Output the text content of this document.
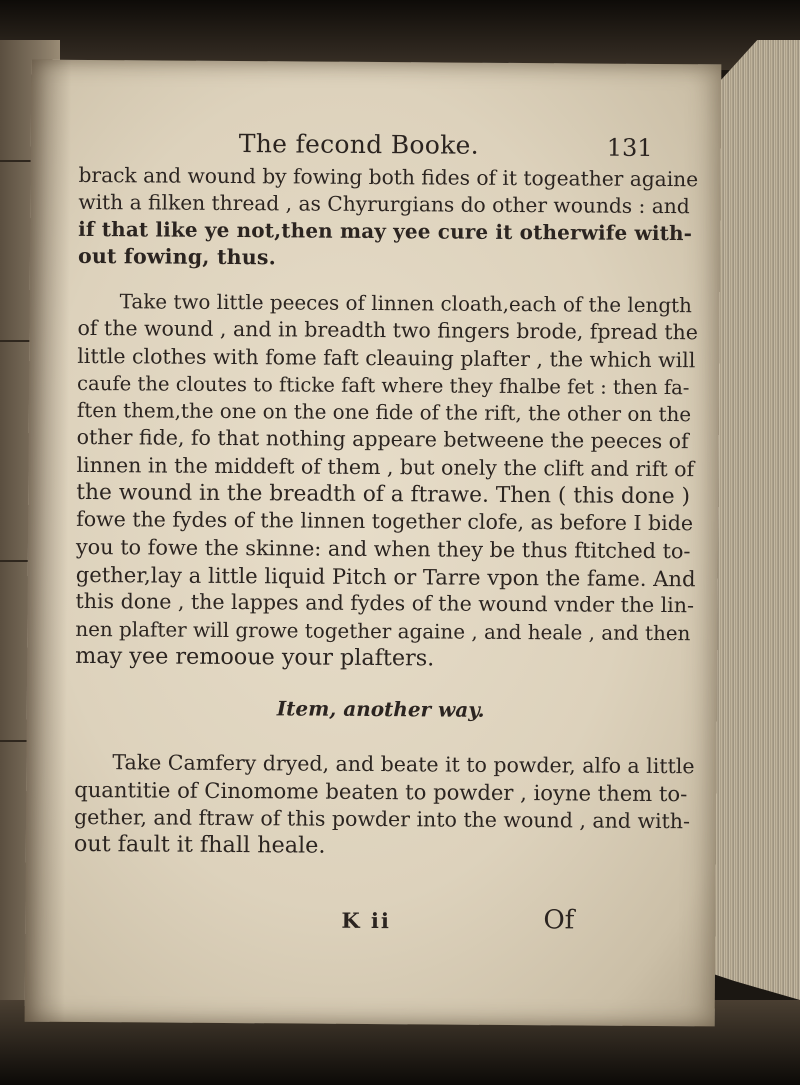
The fecond Booke.	131
brack and wound by fowing both fides of it togeather againe
with a filken thread , as Chyrurgians do other wounds : and
if that like ye not,then may yee cure it otherwife with-
out fowing, thus.
Take two little peeces of linnen cloath,each of the length
of the wound , and in breadth two fingers brode, fpread the
little clothes with fome faft cleauing plafter , the which will
caufe the cloutes to fticke faft where they fhalbe fet : then fa-
ften them,the one on the one fide of the rift, the other on the
other fide, fo that nothing appeare betweene the peeces of
linnen in the middeft of them , but onely the clift and rift of
the wound in the breadth of a ftrawe. Then ( this done )
fowe the fydes of the linnen together clofe, as before I bide
you to fowe the skinne: and when they be thus ftitched to-
gether,lay a little liquid Pitch or Tarre vpon the fame. And
this done , the lappes and fydes of the wound vnder the lin-
nen plafter will growe together againe , and heale , and then
may yee remooue your plafters.
Item, another way.
Take Camfery dryed, and beate it to powder, alfo a little
quantitie of Cinomome beaten to powder , ioyne them to-
gether, and ftraw of this powder into the wound , and with-
out fault it fhall heale.
K ii	Of
